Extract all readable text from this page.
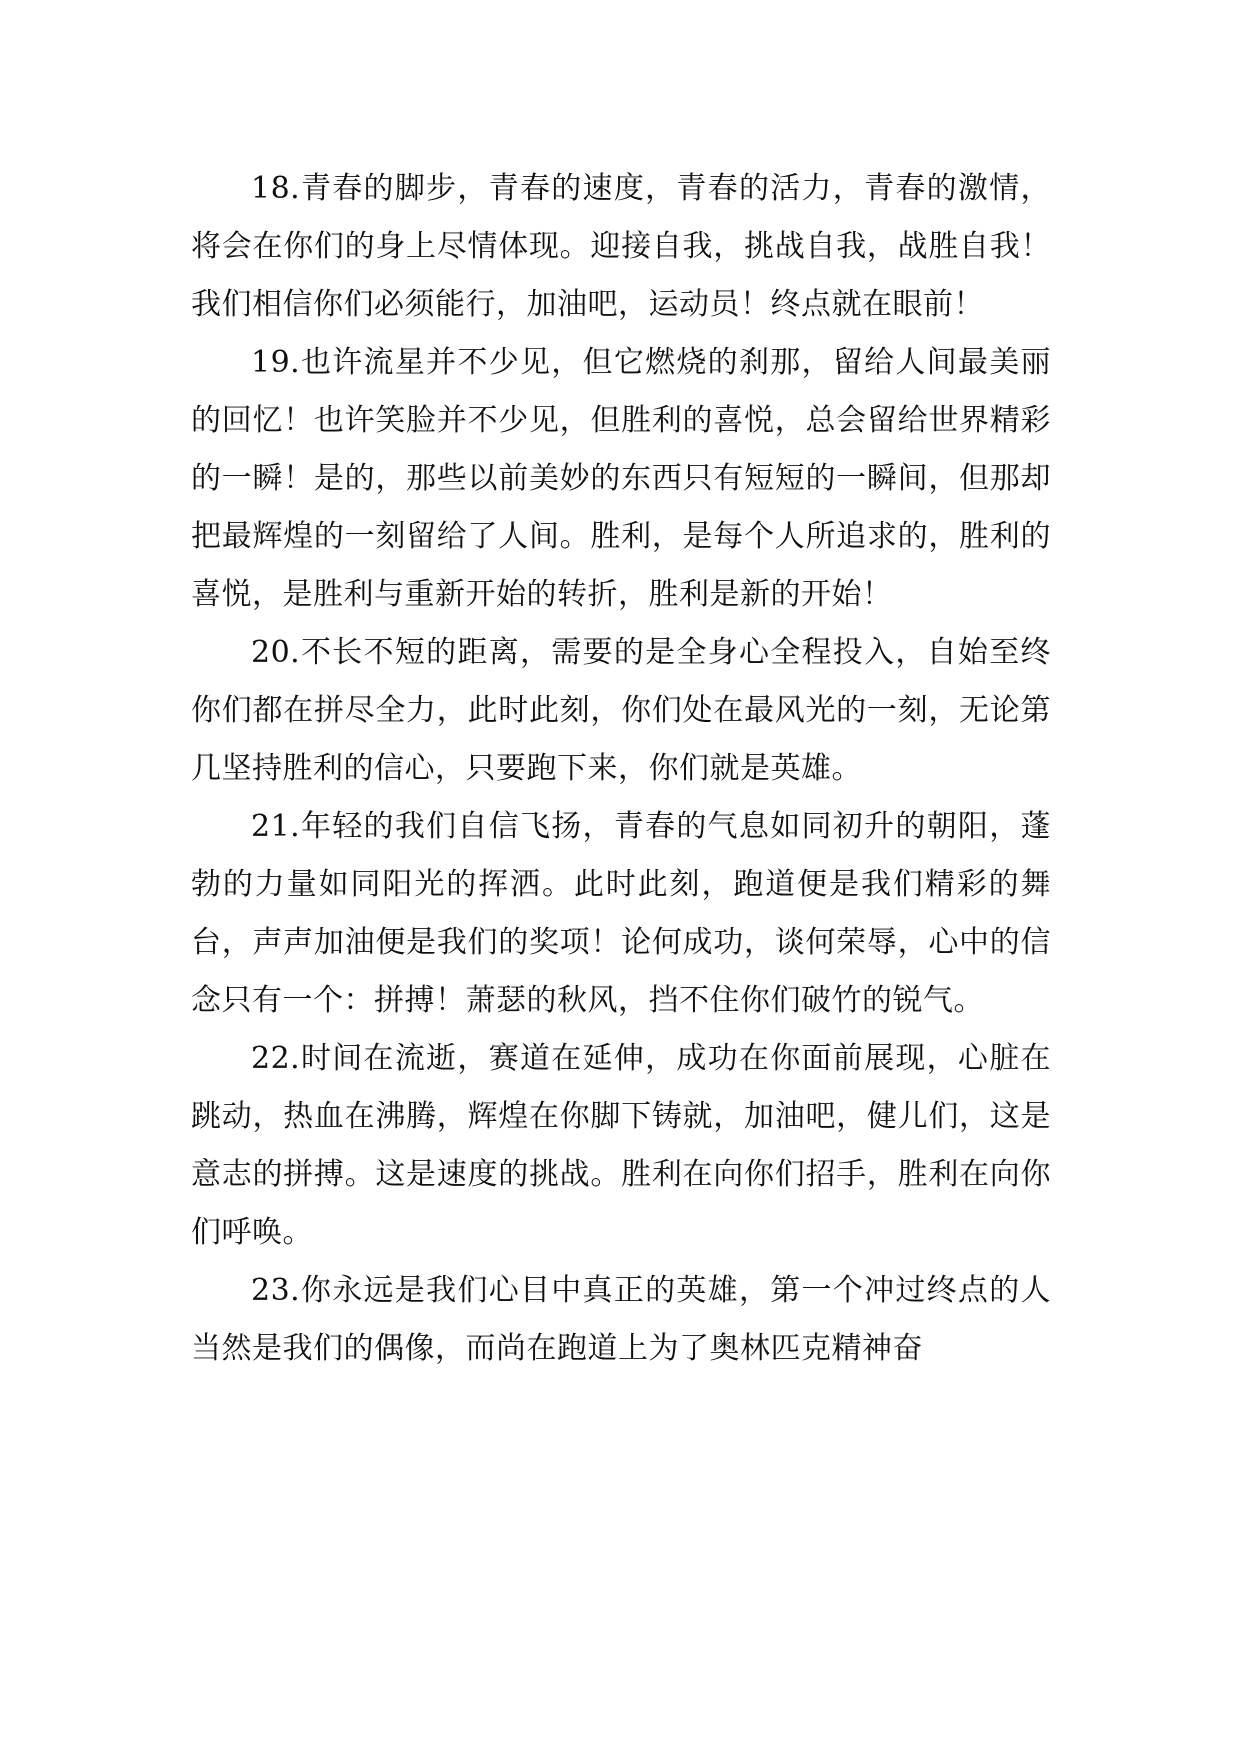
18.青春的脚步，青春的速度，青春的活力，青春的激情，将会在你们的身上尽情体现。迎接自我，挑战自我，战胜自我！我们相信你们必须能行，加油吧，运动员！终点就在眼前！

19.也许流星并不少见，但它燃烧的刹那，留给人间最美丽的回忆！也许笑脸并不少见，但胜利的喜悦，总会留给世界精彩的一瞬！是的，那些以前美妙的东西只有短短的一瞬间，但那却把最辉煌的一刻留给了人间。胜利，是每个人所追求的，胜利的喜悦，是胜利与重新开始的转折，胜利是新的开始！

20.不长不短的距离，需要的是全身心全程投入，自始至终你们都在拼尽全力，此时此刻，你们处在最风光的一刻，无论第几坚持胜利的信心，只要跑下来，你们就是英雄。

21.年轻的我们自信飞扬，青春的气息如同初升的朝阳，蓬勃的力量如同阳光的挥洒。此时此刻，跑道便是我们精彩的舞台，声声加油便是我们的奖项！论何成功，谈何荣辱，心中的信念只有一个：拼搏！萧瑟的秋风，挡不住你们破竹的锐气。

22.时间在流逝，赛道在延伸，成功在你面前展现，心脏在跳动，热血在沸腾，辉煌在你脚下铸就，加油吧，健儿们，这是意志的拼搏。这是速度的挑战。胜利在向你们招手，胜利在向你们呼唤。

23.你永远是我们心目中真正的英雄，第一个冲过终点的人当然是我们的偶像，而尚在跑道上为了奥林匹克精神奋
